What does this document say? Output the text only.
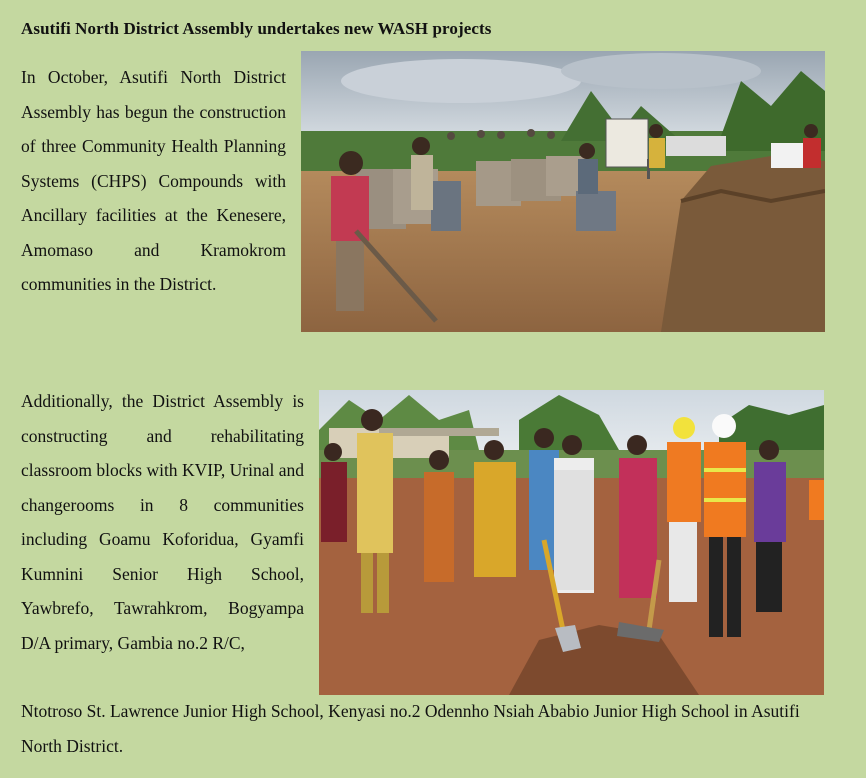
Asutifi North District Assembly undertakes new WASH projects
In October, Asutifi North District Assembly has begun the construction of three Community Health Planning Systems (CHPS) Compounds with Ancillary facilities at the Kenesere, Amomaso and Kramokrom communities in the District.
Additionally, the District Assembly is constructing and rehabilitating classroom blocks with KVIP, Urinal and changerooms in 8 communities including Goamu Koforidua, Gyamfi Kumnini Senior High School, Yawbrefo, Tawrahkrom, Bogyampa D/A primary, Gambia no.2 R/C,
Ntotroso St. Lawrence Junior High School, Kenyasi no.2 Odennho Nsiah Ababio Junior High School in Asutifi North District.
